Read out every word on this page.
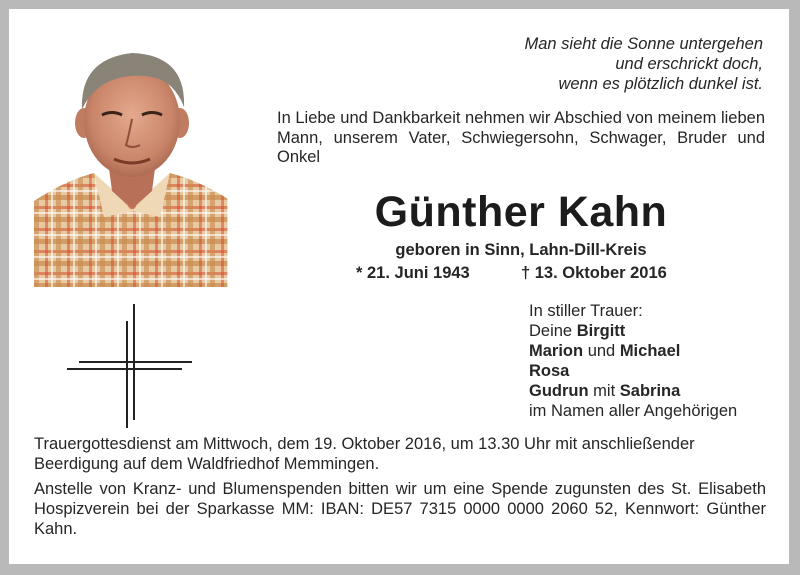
Man sieht die Sonne untergehen
und erschrickt doch,
wenn es plötzlich dunkel ist.
In Liebe und Dankbarkeit nehmen wir Abschied von meinem lieben Mann, unserem Vater, Schwiegersohn, Schwager, Bruder und Onkel
Günther Kahn
geboren in Sinn, Lahn-Dill-Kreis
* 21. Juni 1943	† 13. Oktober 2016
In stiller Trauer:
Deine Birgitt
Marion und Michael
Rosa
Gudrun mit Sabrina
im Namen aller Angehörigen
Trauergottesdienst am Mittwoch, dem 19. Oktober 2016, um 13.30 Uhr mit anschließender Beerdigung auf dem Waldfriedhof Memmingen.
Anstelle von Kranz- und Blumenspenden bitten wir um eine Spende zugunsten des St. Elisabeth Hospizverein bei der Sparkasse MM: IBAN: DE57 7315 0000 0000 2060 52, Kennwort: Günther Kahn.
